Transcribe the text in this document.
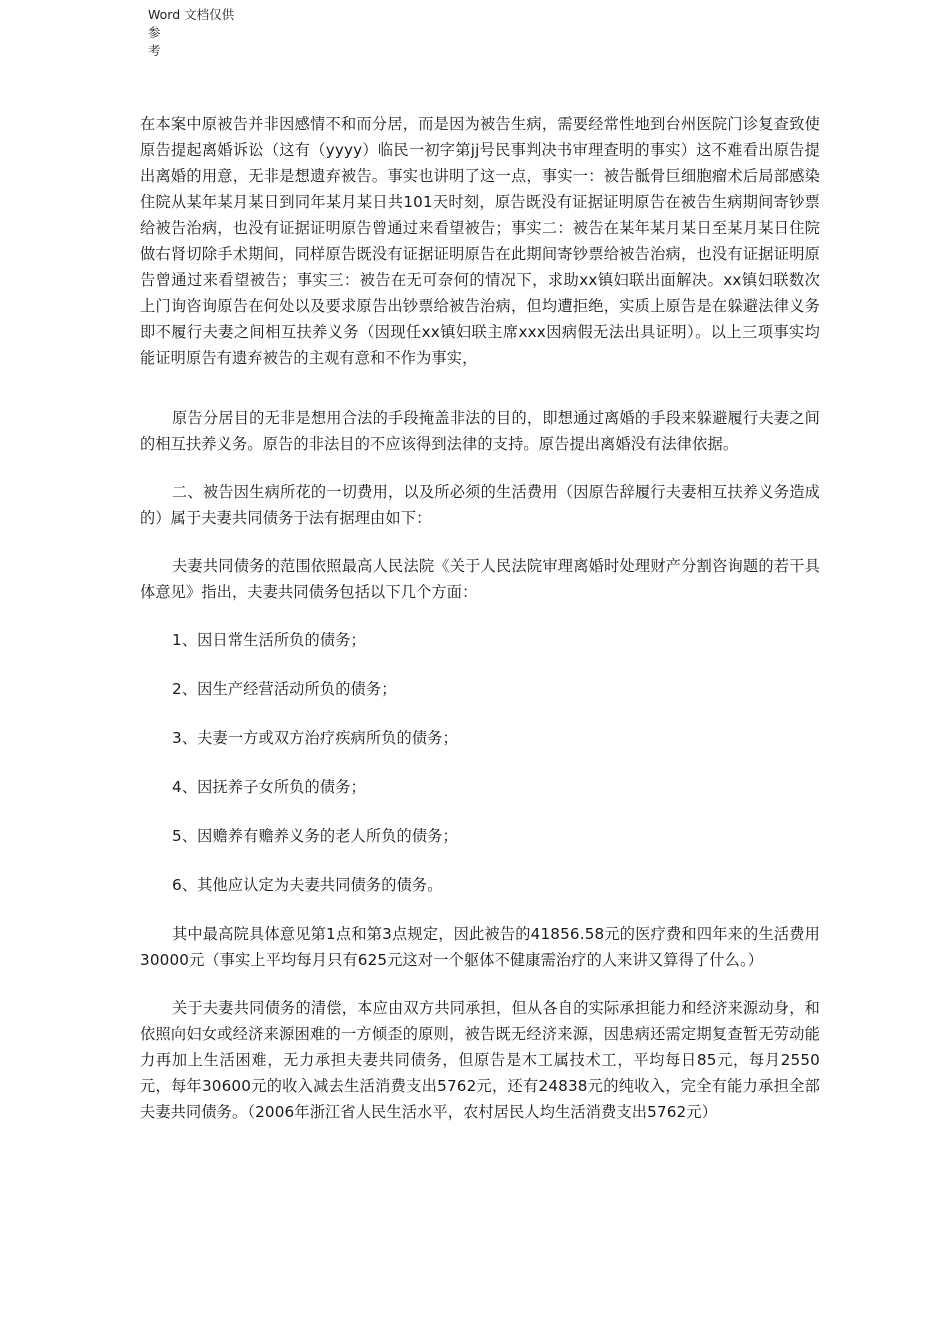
Word 文档仅供参
考

在本案中原被告并非因感情不和而分居，而是因为被告生病，需要经常性地到台州医院门诊复查致使原告提起离婚诉讼（这有（yyyy）临民一初字第jj号民事判决书审理查明的事实）这不难看出原告提出离婚的用意，无非是想遗弃被告。事实也讲明了这一点，事实一：被告骶骨巨细胞瘤术后局部感染住院从某年某月某日到同年某月某日共101天时刻，原告既没有证据证明原告在被告生病期间寄钞票给被告治病，也没有证据证明原告曾通过来看望被告；事实二：被告在某年某月某日至某月某日住院做右肾切除手术期间，同样原告既没有证据证明原告在此期间寄钞票给被告治病，也没有证据证明原告曾通过来看望被告；事实三：被告在无可奈何的情况下，求助xx镇妇联出面解决。xx镇妇联数次上门询咨询原告在何处以及要求原告出钞票给被告治病，但均遭拒绝，实质上原告是在躲避法律义务即不履行夫妻之间相互扶养义务（因现任xx镇妇联主席xxx因病假无法出具证明）。以上三项事实均能证明原告有遗弃被告的主观有意和不作为事实，

原告分居目的无非是想用合法的手段掩盖非法的目的，即想通过离婚的手段来躲避履行夫妻之间的相互扶养义务。原告的非法目的不应该得到法律的支持。原告提出离婚没有法律依据。

二、被告因生病所花的一切费用，以及所必须的生活费用（因原告辞履行夫妻相互扶养义务造成的）属于夫妻共同债务于法有据理由如下：

夫妻共同债务的范围依照最高人民法院《关于人民法院审理离婚时处理财产分割咨询题的若干具体意见》指出，夫妻共同债务包括以下几个方面：

1、因日常生活所负的债务；

2、因生产经营活动所负的债务；

3、夫妻一方或双方治疗疾病所负的债务；

4、因抚养子女所负的债务；

5、因赡养有赡养义务的老人所负的债务；

6、其他应认定为夫妻共同债务的债务。

其中最高院具体意见第1点和第3点规定，因此被告的41856.58元的医疗费和四年来的生活费用30000元（事实上平均每月只有625元这对一个躯体不健康需治疗的人来讲又算得了什么。）

关于夫妻共同债务的清偿，本应由双方共同承担，但从各自的实际承担能力和经济来源动身，和依照向妇女或经济来源困难的一方倾歪的原则，被告既无经济来源，因患病还需定期复查暂无劳动能力再加上生活困难，无力承担夫妻共同债务，但原告是木工属技术工，平均每日85元，每月2550元，每年30600元的收入减去生活消费支出5762元，还有24838元的纯收入，完全有能力承担全部夫妻共同债务。（2006年浙江省人民生活水平，农村居民人均生活消费支出5762元）
